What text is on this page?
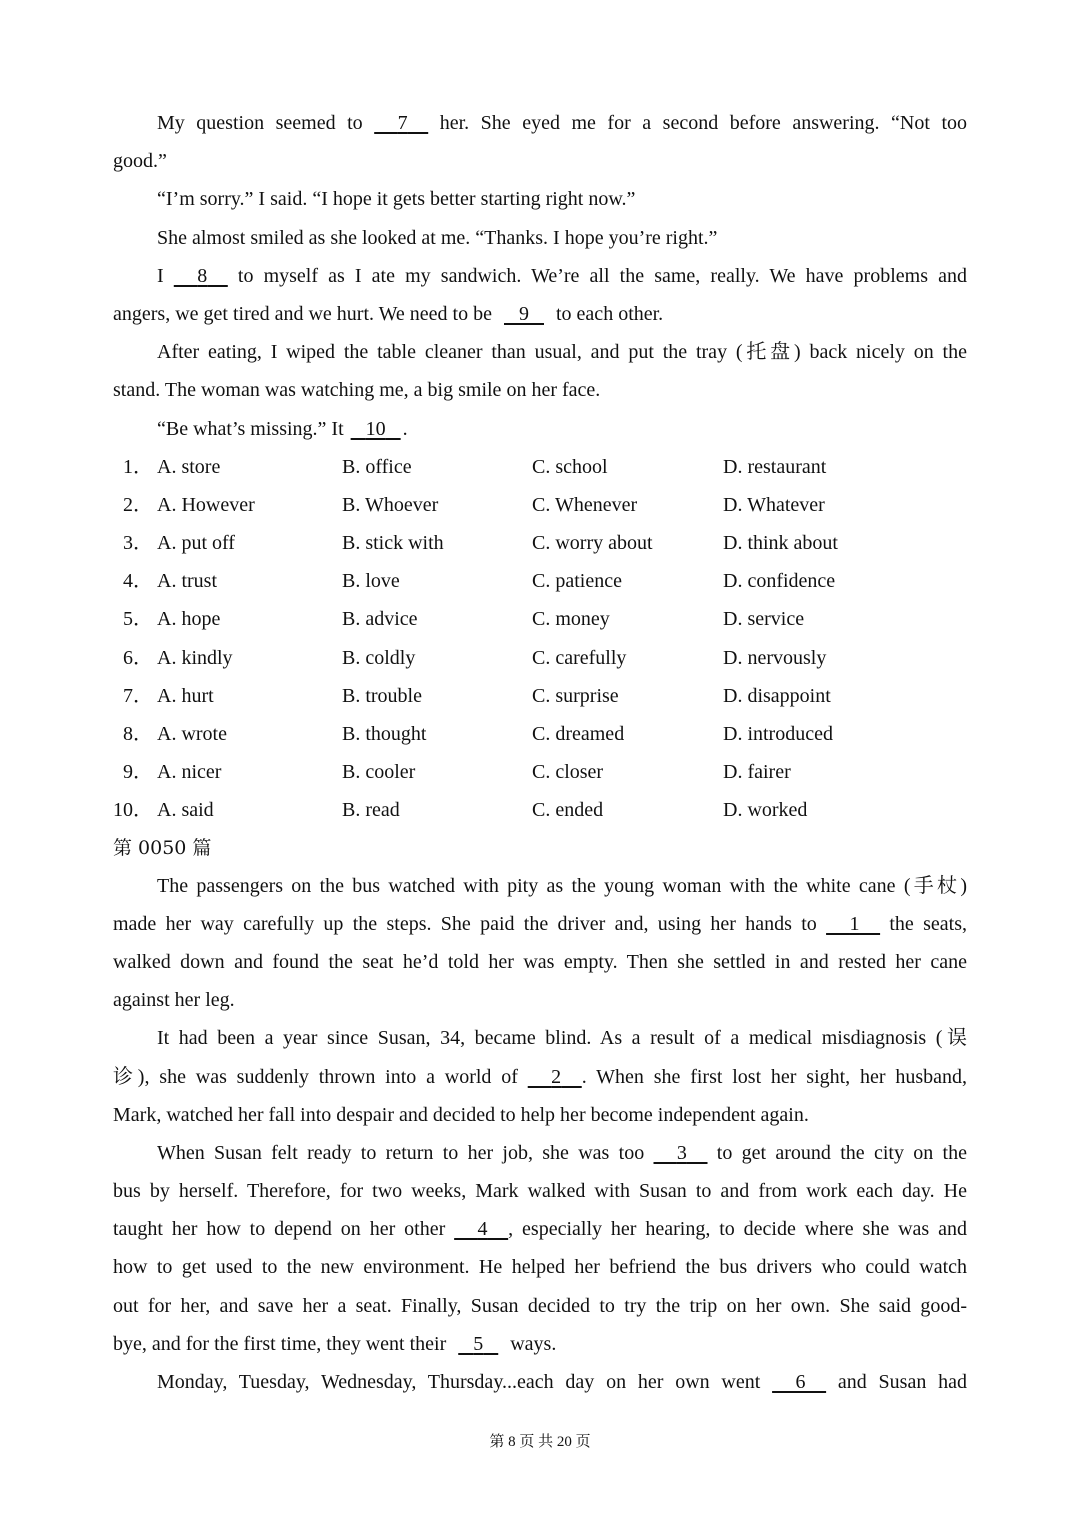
My question seemed to 7 her. She eyed me for a second before answering. “Not too
good.”
“I’m sorry.” I said. “I hope it gets better starting right now.”
She almost smiled as she looked at me. “Thanks. I hope you’re right.”
I 8 to myself as I ate my sandwich. We’re all the same, really. We have problems and
angers, we get tired and we hurt. We need to be 9 to each other.
After eating, I wiped the table cleaner than usual, and put the tray (托盘) back nicely on the
stand. The woman was watching me, a big smile on her face.
“Be what’s missing.” It 10 .
1． A. store	B. office	C. school	D. restaurant
2． A. However	B. Whoever	C. Whenever	D. Whatever
3． A. put off	B. stick with	C. worry about	D. think about
4． A. trust	B. love	C. patience	D. confidence
5． A. hope	B. advice	C. money	D. service
6． A. kindly	B. coldly	C. carefully	D. nervously
7． A. hurt	B. trouble	C. surprise	D. disappoint
8． A. wrote	B. thought	C. dreamed	D. introduced
9． A. nicer	B. cooler	C. closer	D. fairer
10． A. said	B. read	C. ended	D. worked
第 0050 篇
The passengers on the bus watched with pity as the young woman with the white cane (手杖)
made her way carefully up the steps. She paid the driver and, using her hands to 1 the seats,
walked down and found the seat he’d told her was empty. Then she settled in and rested her cane
against her leg.
It had been a year since Susan, 34, became blind. As a result of a medical misdiagnosis (误
诊), she was suddenly thrown into a world of 2 . When she first lost her sight, her husband,
Mark, watched her fall into despair and decided to help her become independent again.
When Susan felt ready to return to her job, she was too 3 to get around the city on the
bus by herself. Therefore, for two weeks, Mark walked with Susan to and from work each day. He
taught her how to depend on her other 4 , especially her hearing, to decide where she was and
how to get used to the new environment. He helped her befriend the bus drivers who could watch
out for her, and save her a seat. Finally, Susan decided to try the trip on her own. She said good-
bye, and for the first time, they went their 5 ways.
Monday, Tuesday, Wednesday, Thursday...each day on her own went 6 and Susan had
第 8 页 共 20 页
